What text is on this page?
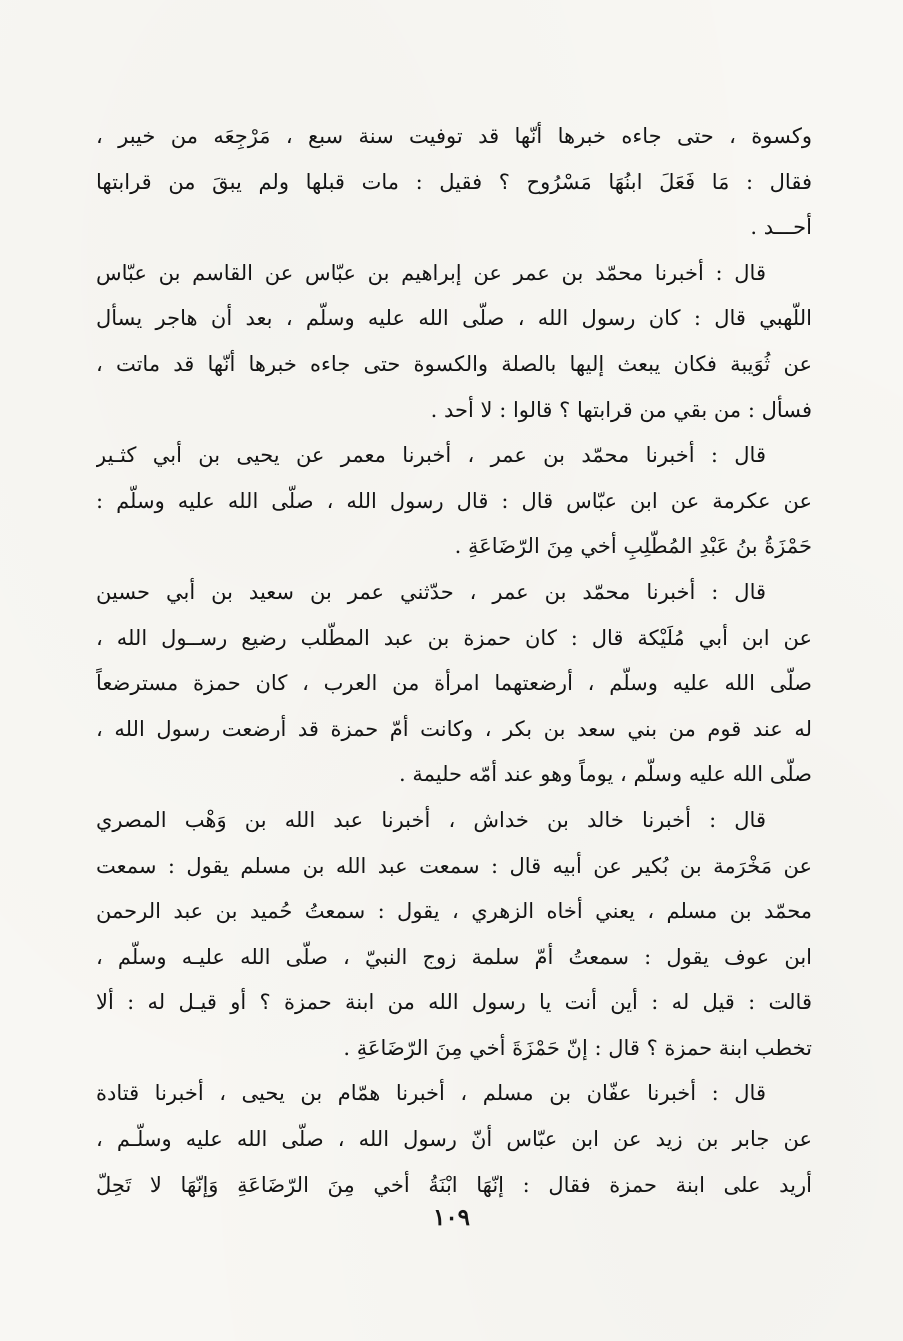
وكسوة ، حتى جاءه خبرها أنّها قد توفيت سنة سبع ، مَرْجِعَه من خيبر ،
فقال : مَا فَعَلَ ابنُهَا مَسْرُوح ؟ فقيل : مات قبلها ولم يبقَ من قرابتها
أحـــد .
قال : أخبرنا محمّد بن عمر عن إبراهيم بن عبّاس عن القاسم بن عبّاس
اللّهبي قال : كان رسول الله ، صلّى الله عليه وسلّم ، بعد أن هاجر يسأل
عن ثُوَيبة فكان يبعث إليها بالصلة والكسوة حتى جاءه خبرها أنّها قد ماتت ،
فسأل : من بقي من قرابتها ؟ قالوا : لا أحد .
قال : أخبرنا محمّد بن عمر ، أخبرنا معمر عن يحيى بن أبي كثـير
عن عكرمة عن ابن عبّاس قال : قال رسول الله ، صلّى الله عليه وسلّم :
حَمْزَةُ بنُ عَبْدِ المُطّلِبِ أخي مِنَ الرّضَاعَةِ .
قال : أخبرنا محمّد بن عمر ، حدّثني عمر بن سعيد بن أبي حسين
عن ابن أبي مُلَيْكة قال : كان حمزة بن عبد المطّلب رضيع رســول الله ،
صلّى الله عليه وسلّم ، أرضعتهما امرأة من العرب ، كان حمزة مسترضعاً
له عند قوم من بني سعد بن بكر ، وكانت أمّ حمزة قد أرضعت رسول الله ،
صلّى الله عليه وسلّم ، يوماً وهو عند أمّه حليمة .
قال : أخبرنا خالد بن خداش ، أخبرنا عبد الله بن وَهْب المصري
عن مَخْرَمة بن بُكير عن أبيه قال : سمعت عبد الله بن مسلم يقول : سمعت
محمّد بن مسلم ، يعني أخاه الزهري ، يقول : سمعتُ حُميد بن عبد الرحمن
ابن عوف يقول : سمعتُ أمّ سلمة زوج النبيّ ، صلّى الله عليـه وسلّم ،
قالت : قيل له : أين أنت يا رسول الله من ابنة حمزة ؟ أو قيـل له : ألا
تخطب ابنة حمزة ؟ قال : إنّ حَمْزَةَ أخي مِنَ الرّضَاعَةِ .
قال : أخبرنا عفّان بن مسلم ، أخبرنا همّام بن يحيى ، أخبرنا قتادة
عن جابر بن زيد عن ابن عبّاس أنّ رسول الله ، صلّى الله عليه وسلّـم ،
أريد على ابنة حمزة فقال : إنّهَا ابْنَةُ أخي مِنَ الرّضَاعَةِ وَإنّهَا لا تَحِلّ
١٠٩
